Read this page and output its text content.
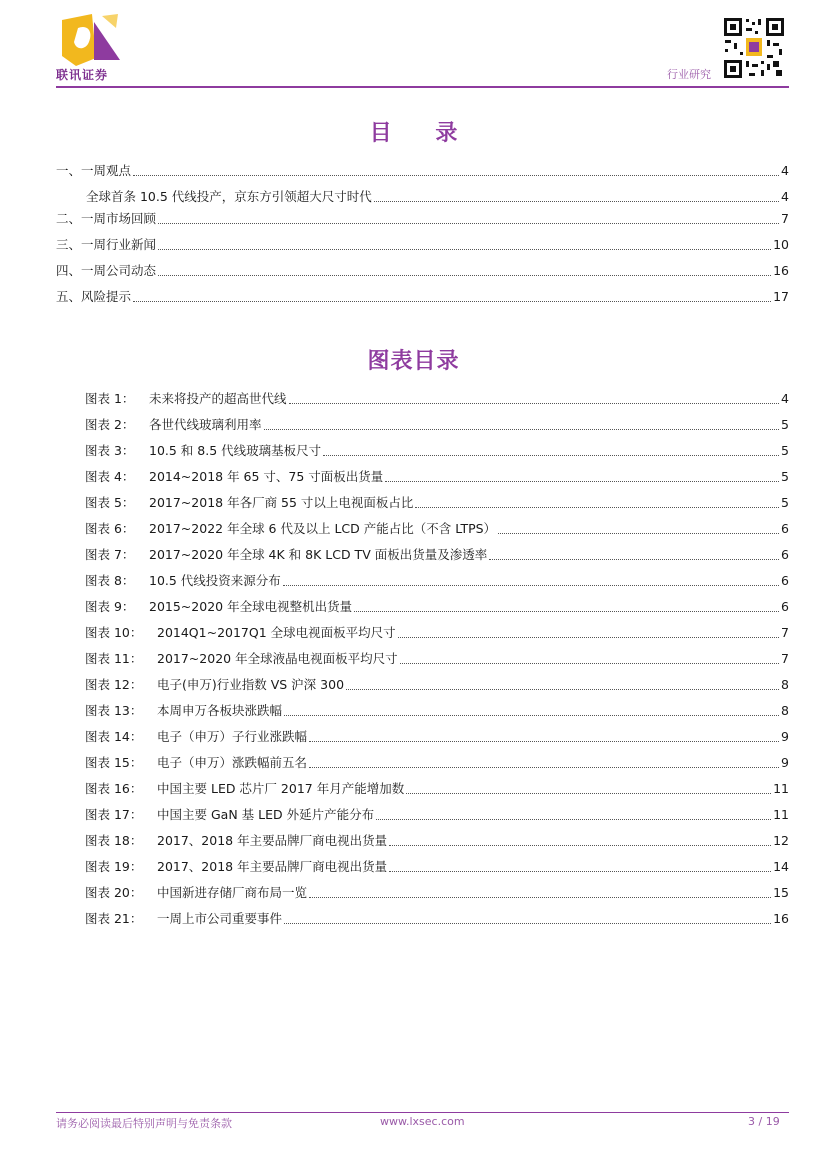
联讯证券	行业研究
目 录
一、一周观点	4
全球首条 10.5 代线投产，京东方引领超大尺寸时代	4
二、一周市场回顾	7
三、一周行业新闻	10
四、一周公司动态	16
五、风险提示	17
图表目录
图表 1：	未来将投产的超高世代线	4
图表 2：	各世代线玻璃利用率	5
图表 3：	10.5 和 8.5 代线玻璃基板尺寸	5
图表 4：	2014~2018 年 65 寸、75 寸面板出货量	5
图表 5：	2017~2018 年各厂商 55 寸以上电视面板占比	5
图表 6：	2017~2022 年全球 6 代及以上 LCD 产能占比（不含 LTPS）	6
图表 7：	2017~2020 年全球 4K 和 8K LCD TV 面板出货量及渗透率	6
图表 8：	10.5 代线投资来源分布	6
图表 9：	2015~2020 年全球电视整机出货量	6
图表 10：	2014Q1~2017Q1 全球电视面板平均尺寸	7
图表 11：	2017~2020 年全球液晶电视面板平均尺寸	7
图表 12：	电子(申万)行业指数 VS 沪深 300	8
图表 13：	本周申万各板块涨跌幅	8
图表 14：	电子（申万）子行业涨跌幅	9
图表 15：	电子（申万）涨跌幅前五名	9
图表 16：	中国主要 LED 芯片厂 2017 年月产能增加数	11
图表 17：	中国主要 GaN 基 LED 外延片产能分布	11
图表 18：	2017、2018 年主要品牌厂商电视出货量	12
图表 19：	2017、2018 年主要品牌厂商电视出货量	14
图表 20：	中国新进存储厂商布局一览	15
图表 21：	一周上市公司重要事件	16
请务必阅读最后特别声明与免责条款	www.lxsec.com	3 / 19
